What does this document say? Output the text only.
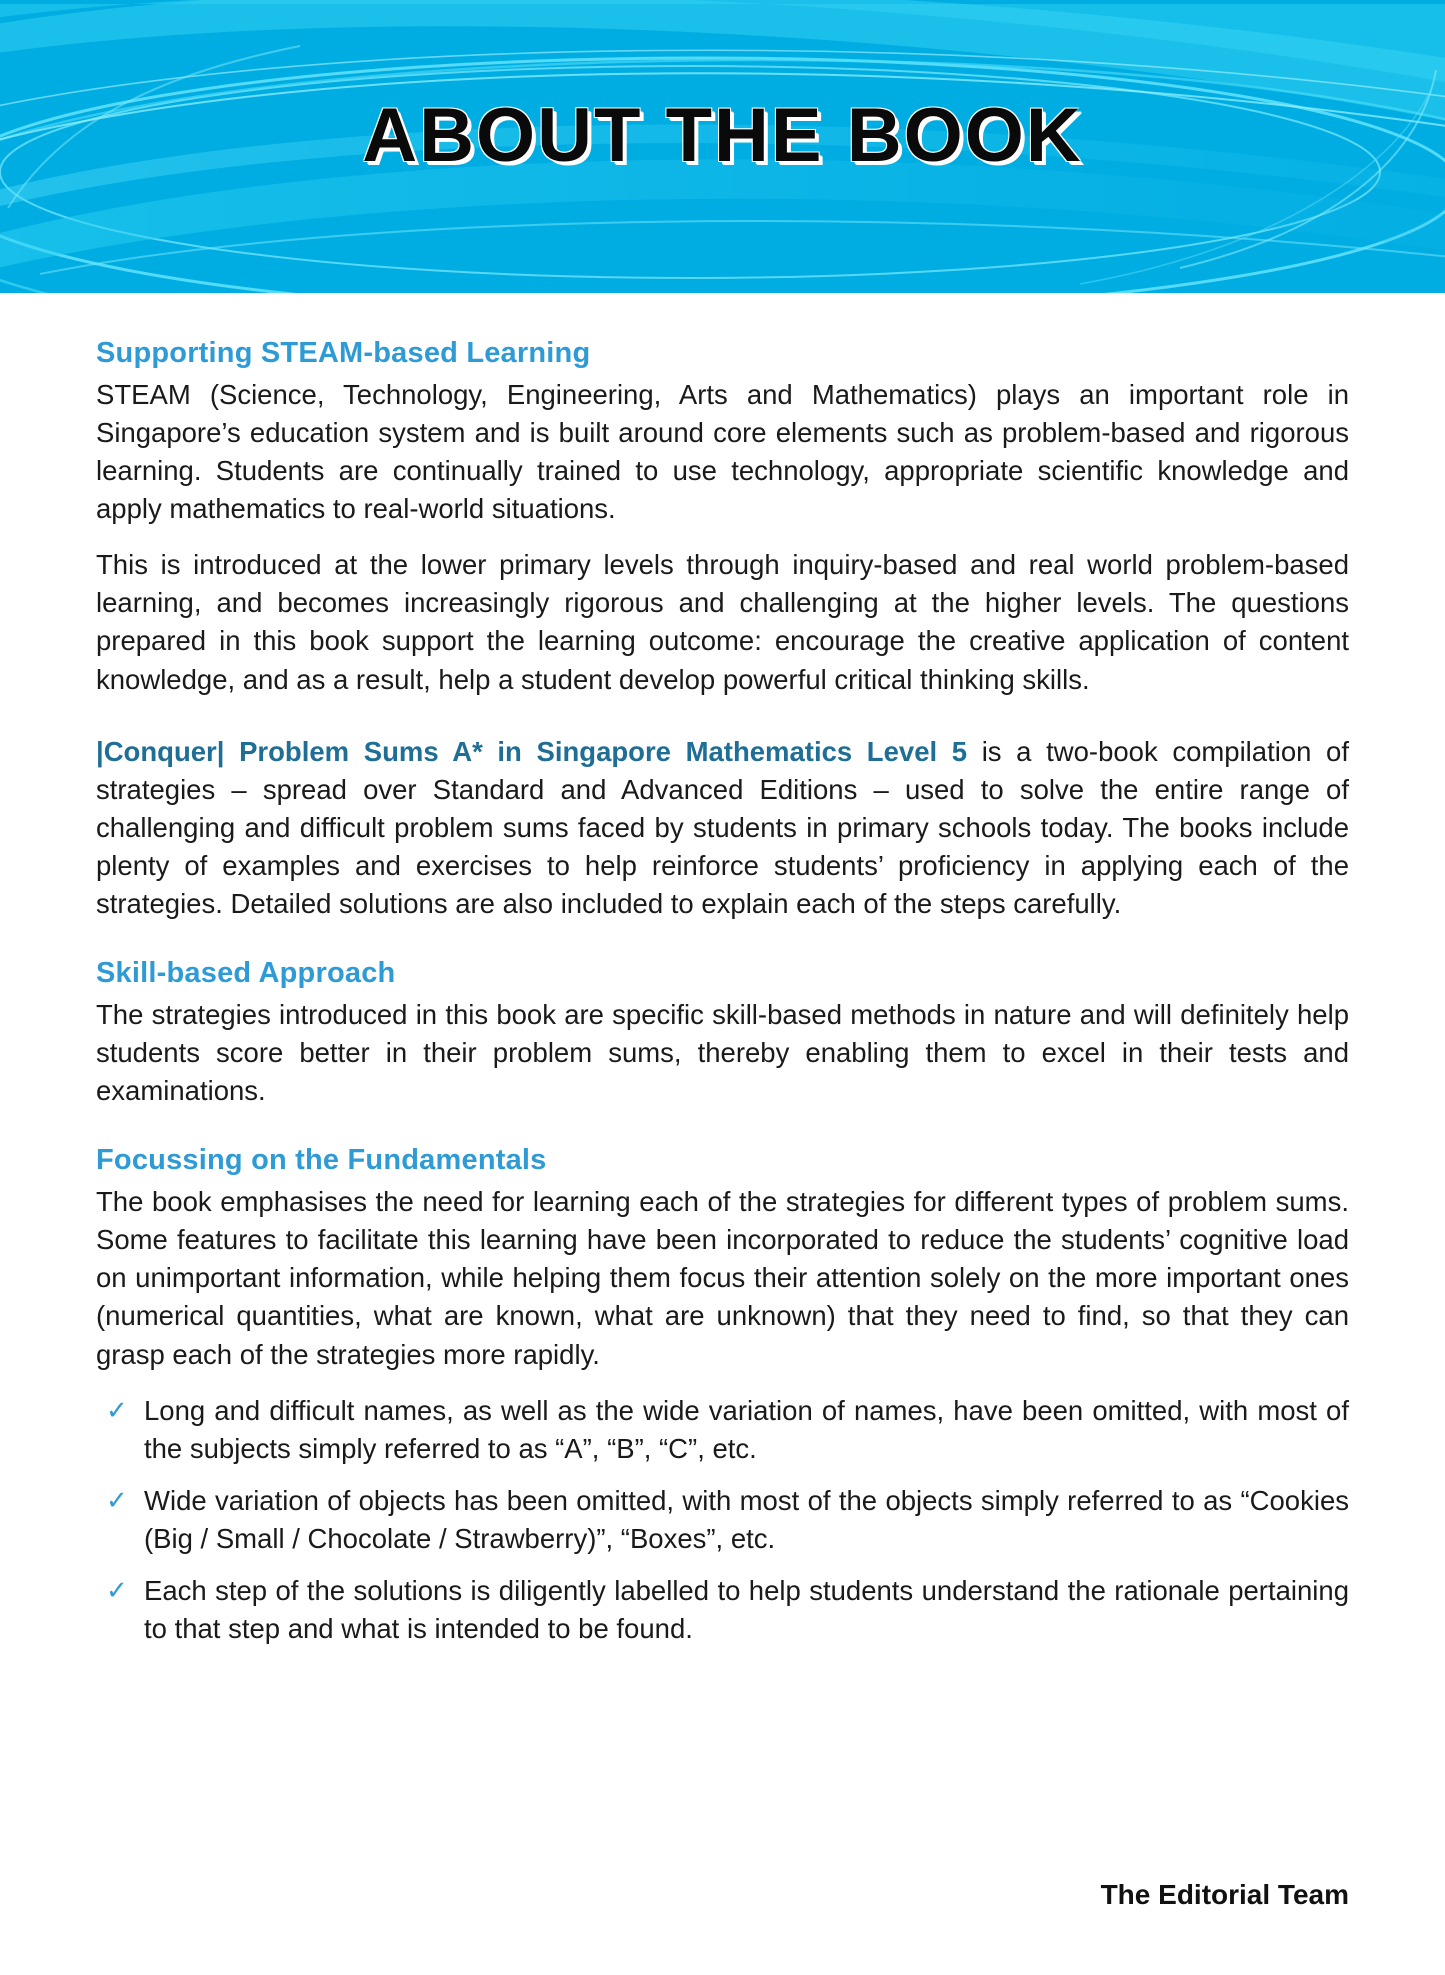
ABOUT THE BOOK
Supporting STEAM-based Learning

STEAM (Science, Technology, Engineering, Arts and Mathematics) plays an important role in Singapore’s education system and is built around core elements such as problem-based and rigorous learning. Students are continually trained to use technology, appropriate scientific knowledge and apply mathematics to real-world situations.

This is introduced at the lower primary levels through inquiry-based and real world problem-based learning, and becomes increasingly rigorous and challenging at the higher levels. The questions prepared in this book support the learning outcome: encourage the creative application of content knowledge, and as a result, help a student develop powerful critical thinking skills.

|Conquer| Problem Sums A* in Singapore Mathematics Level 5 is a two-book compilation of strategies – spread over Standard and Advanced Editions – used to solve the entire range of challenging and difficult problem sums faced by students in primary schools today. The books include plenty of examples and exercises to help reinforce students’ proficiency in applying each of the strategies. Detailed solutions are also included to explain each of the steps carefully.

Skill-based Approach

The strategies introduced in this book are specific skill-based methods in nature and will definitely help students score better in their problem sums, thereby enabling them to excel in their tests and examinations.

Focussing on the Fundamentals

The book emphasises the need for learning each of the strategies for different types of problem sums. Some features to facilitate this learning have been incorporated to reduce the students’ cognitive load on unimportant information, while helping them focus their attention solely on the more important ones (numerical quantities, what are known, what are unknown) that they need to find, so that they can grasp each of the strategies more rapidly.

✓ Long and difficult names, as well as the wide variation of names, have been omitted, with most of the subjects simply referred to as “A”, “B”, “C”, etc.
✓ Wide variation of objects has been omitted, with most of the objects simply referred to as “Cookies (Big / Small / Chocolate / Strawberry)”, “Boxes”, etc.
✓ Each step of the solutions is diligently labelled to help students understand the rationale pertaining to that step and what is intended to be found.
The Editorial Team
